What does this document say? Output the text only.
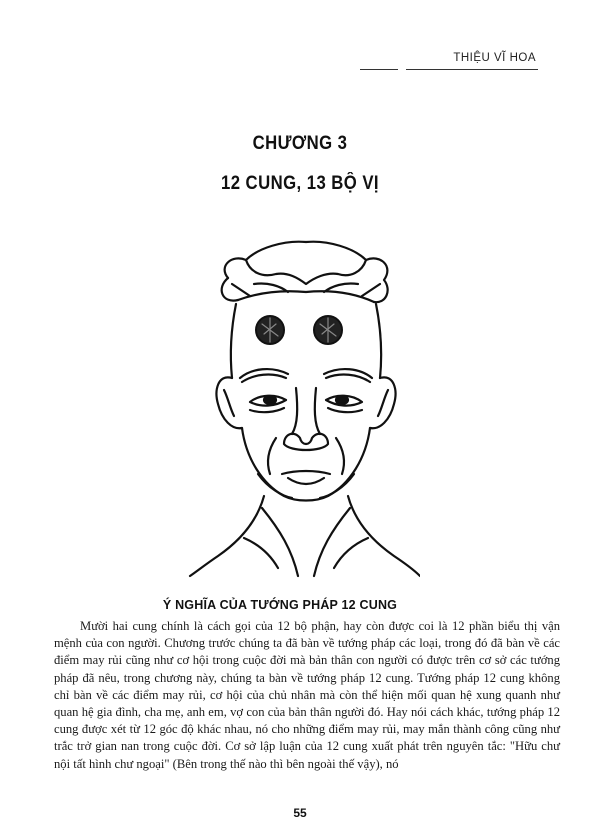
THIỆU VĨ HOA
CHƯƠNG 3
12 CUNG, 13 BỘ VỊ
Ý NGHĨA CỦA TƯỚNG PHÁP 12 CUNG

Mười hai cung chính là cách gọi của 12 bộ phận, hay còn được coi là 12 phần biểu thị vận mệnh của con người. Chương trước chúng ta đã bàn về tướng pháp các loại, trong đó đã bàn về các điểm may rủi cũng như cơ hội trong cuộc đời mà bản thân con người có được trên cơ sở các tướng pháp đã nêu, trong chương này, chúng ta bàn về tướng pháp 12 cung. Tướng pháp 12 cung không chỉ bàn về các điểm may rủi, cơ hội của chủ nhân mà còn thể hiện mối quan hệ xung quanh như quan hệ gia đình, cha mẹ, anh em, vợ con của bản thân người đó. Hay nói cách khác, tướng pháp 12 cung được xét từ 12 góc độ khác nhau, nó cho những điểm may rủi, may mắn thành công cũng như trắc trở gian nan trong cuộc đời. Cơ sở lập luận của 12 cung xuất phát trên nguyên tắc: "Hữu chư nội tất hình chư ngoại" (Bên trong thế nào thì bên ngoài thế vậy), nó

55
